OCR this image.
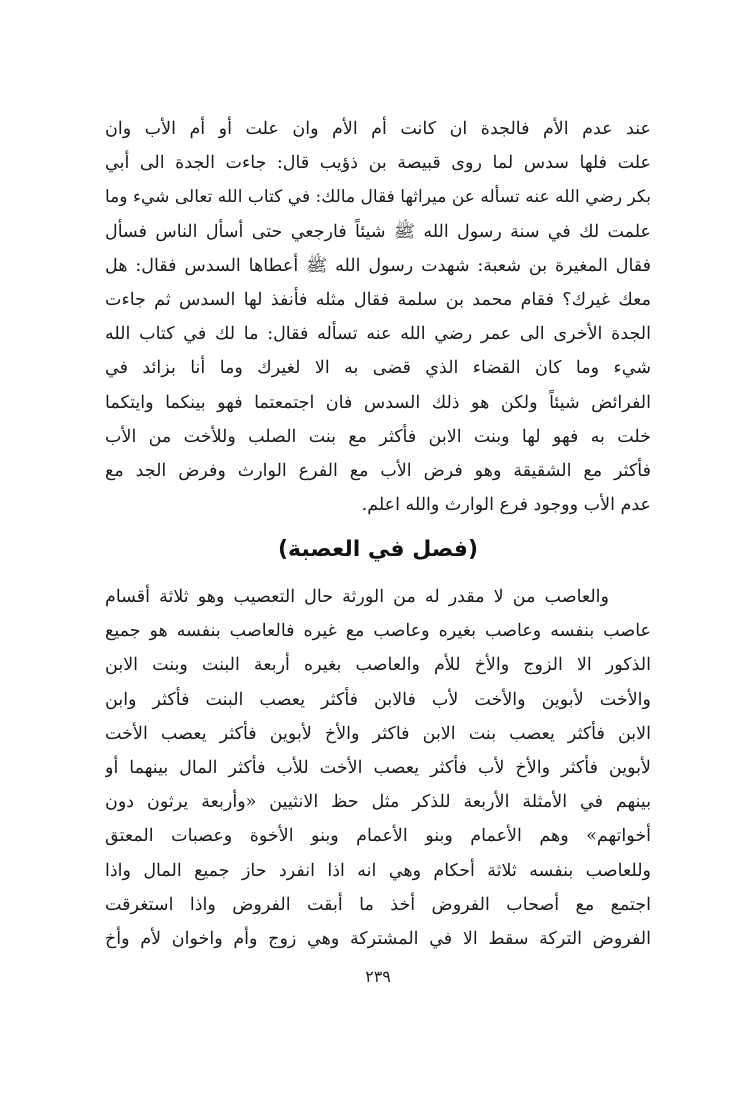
عند عدم الأم فالجدة ان كانت أم الأم وان علت أو أم الأب وان
علت فلها سدس لما روى قبيصة بن ذؤيب قال: جاءت الجدة الى أبي
بكر رضي الله عنه تسأله عن ميراثها فقال مالك: في كتاب الله تعالى شيء وما
علمت لك في سنة رسول الله ﷺ شيئاً فارجعي حتى أسأل الناس فسأل
فقال المغيرة بن شعبة: شهدت رسول الله ﷺ أعطاها السدس فقال: هل
معك غيرك؟ فقام محمد بن سلمة فقال مثله فأنفذ لها السدس ثم جاءت
الجدة الأخرى الى عمر رضي الله عنه تسأله فقال: ما لك في كتاب الله
شيء وما كان القضاء الذي قضى به الا لغيرك وما أنا بزائد في
الفرائض شيئاً ولكن هو ذلك السدس فان اجتمعتما فهو بينكما وايتكما
خلت به فهو لها وبنت الابن فأكثر مع بنت الصلب وللأخت من الأب
فأكثر مع الشقيقة وهو فرض الأب مع الفرع الوارث وفرض الجد مع
عدم الأب ووجود فرع الوارث والله اعلم.
(فصل في العصبة)
والعاصب من لا مقدر له من الورثة حال التعصيب وهو ثلاثة أقسام
عاصب بنفسه وعاصب بغيره وعاصب مع غيره فالعاصب بنفسه هو جميع
الذكور الا الزوج والأخ للأم والعاصب بغيره أربعة البنت وبنت الابن
والأخت لأبوين والأخت لأب فالابن فأكثر يعصب البنت فأكثر وابن
الابن فأكثر يعصب بنت الابن فاكثر والأخ لأبوين فأكثر يعصب الأخت
لأبوين فأكثر والأخ لأب فأكثر يعصب الأخت للأب فأكثر المال بينهما أو
بينهم في الأمثلة الأربعة للذكر مثل حظ الانثيين «وأربعة يرثون دون
أخواتهم» وهم الأعمام وبنو الأعمام وبنو الأخوة وعصبات المعتق
وللعاصب بنفسه ثلاثة أحكام وهي انه اذا انفرد حاز جميع المال واذا
اجتمع مع أصحاب الفروض أخذ ما أبقت الفروض واذا استغرقت
الفروض التركة سقط الا في المشتركة وهي زوج وأم واخوان لأم وأخ
٢٣٩
